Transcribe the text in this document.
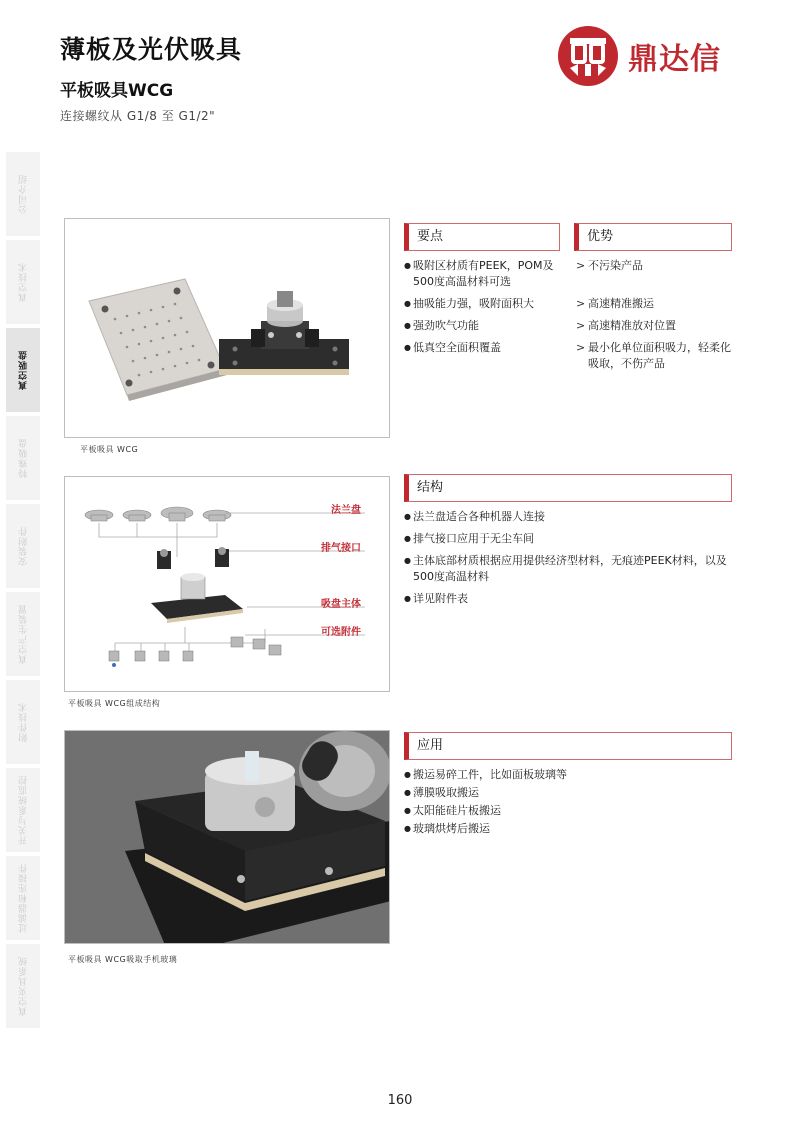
薄板及光伏吸具
平板吸具WCG
连接螺纹从 G1/8 至 G1/2"
鼎达信
公司介绍
真空技术
真空吸盘
特殊吸盘
安装附件
真空产生装置
附件技术
开关与系统监控
过滤器和连接件
真空夹具系统
平板吸具 WCG
要点
● 吸附区材质有PEEK，POM及500度高温材料可选
● 抽吸能力强，吸附面积大
● 强劲吹气功能
● 低真空全面积覆盖
优势
> 不污染产品
> 高速精准搬运
> 高速精准放对位置
> 最小化单位面积吸力，轻柔化吸取，不伤产品
法兰盘
排气接口
吸盘主体
可选附件
平板吸具 WCG组成结构
结构
● 法兰盘适合各种机器人连接
● 排气接口应用于无尘车间
● 主体底部材质根据应用提供经济型材料，无痕迹PEEK材料，以及500度高温材料
● 详见附件表
平板吸具 WCG吸取手机玻璃
应用
● 搬运易碎工件，比如面板玻璃等
● 薄膜吸取搬运
● 太阳能硅片板搬运
● 玻璃烘烤后搬运
160
